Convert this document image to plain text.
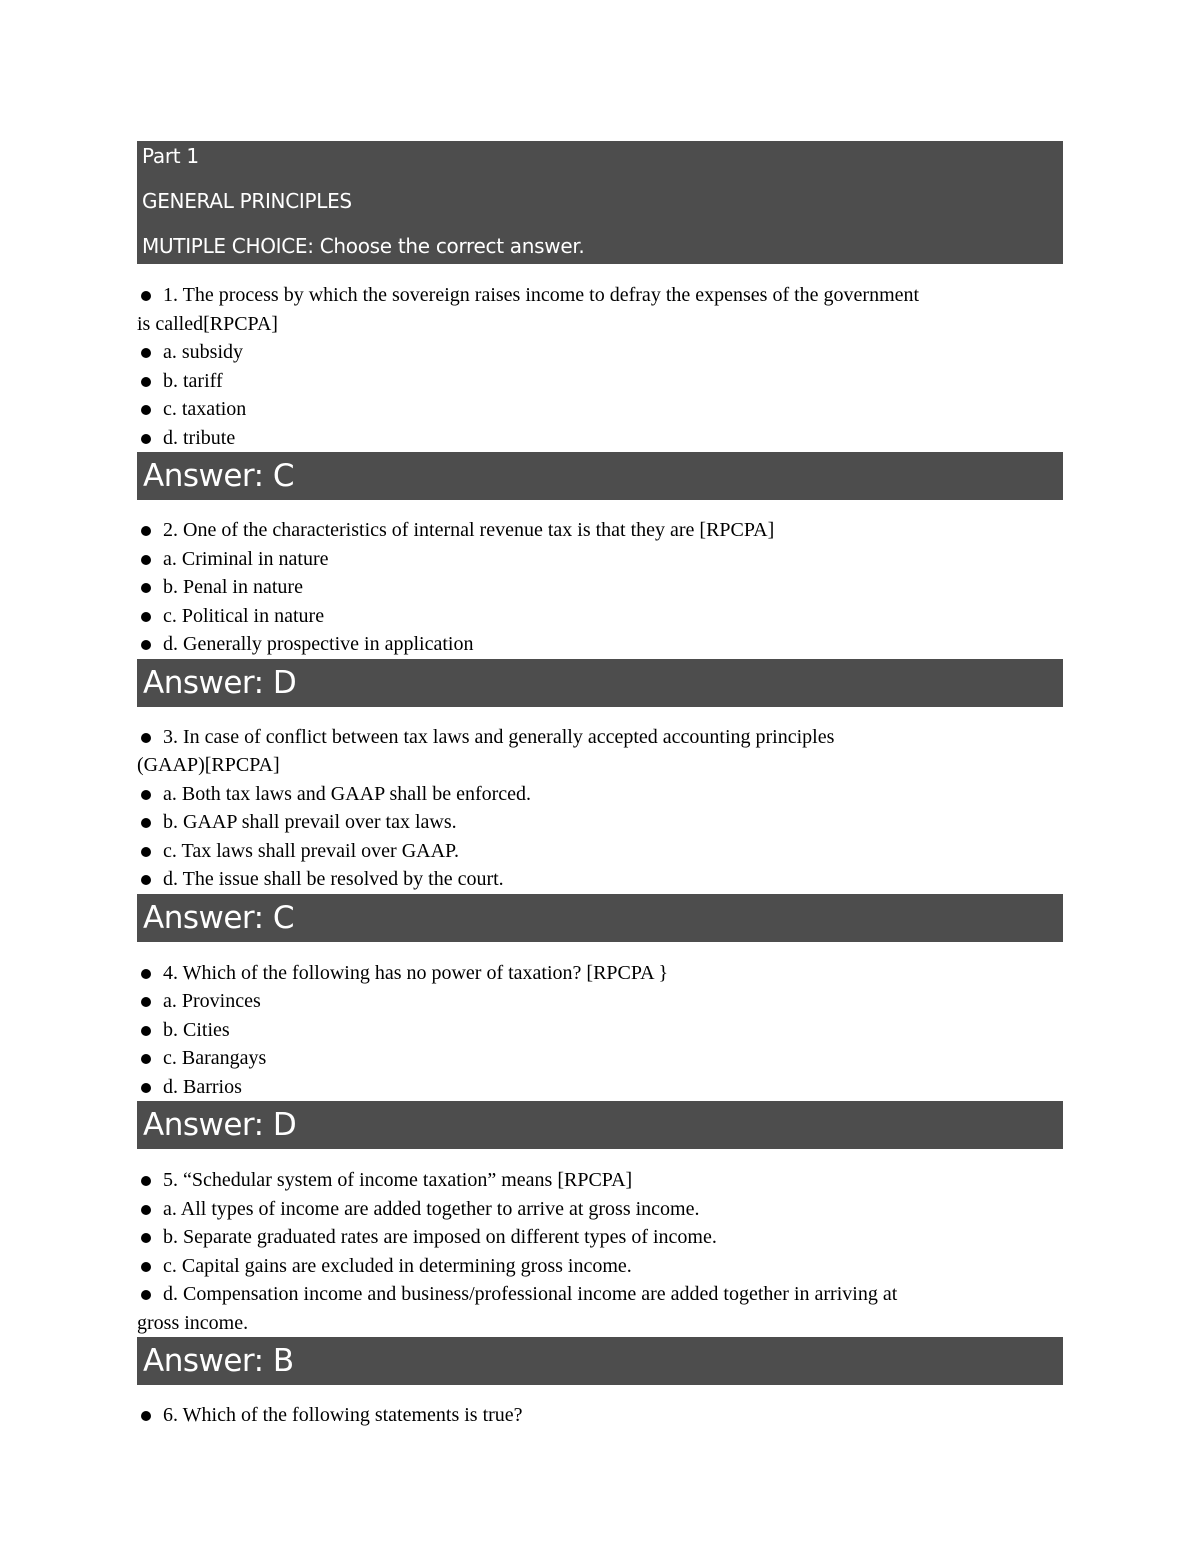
Part 1
GENERAL PRINCIPLES
MUTIPLE CHOICE: Choose the correct answer.
1. The process by which the sovereign raises income to defray the expenses of the government
is called[RPCPA]
a. subsidy
b. tariff
c. taxation
d. tribute
Answer: C
2. One of the characteristics of internal revenue tax is that they are [RPCPA]
a. Criminal in nature
b. Penal in nature
c. Political in nature
d. Generally prospective in application
Answer: D
3. In case of conflict between tax laws and generally accepted accounting principles
(GAAP)[RPCPA]
a. Both tax laws and GAAP shall be enforced.
b. GAAP shall prevail over tax laws.
c. Tax laws shall prevail over GAAP.
d. The issue shall be resolved by the court.
Answer: C
4. Which of the following has no power of taxation? [RPCPA }
a. Provinces
b. Cities
c. Barangays
d. Barrios
Answer: D
5. “Schedular system of income taxation” means [RPCPA]
a. All types of income are added together to arrive at gross income.
b. Separate graduated rates are imposed on different types of income.
c. Capital gains are excluded in determining gross income.
d. Compensation income and business/professional income are added together in arriving at
gross income.
Answer: B
6. Which of the following statements is true?
